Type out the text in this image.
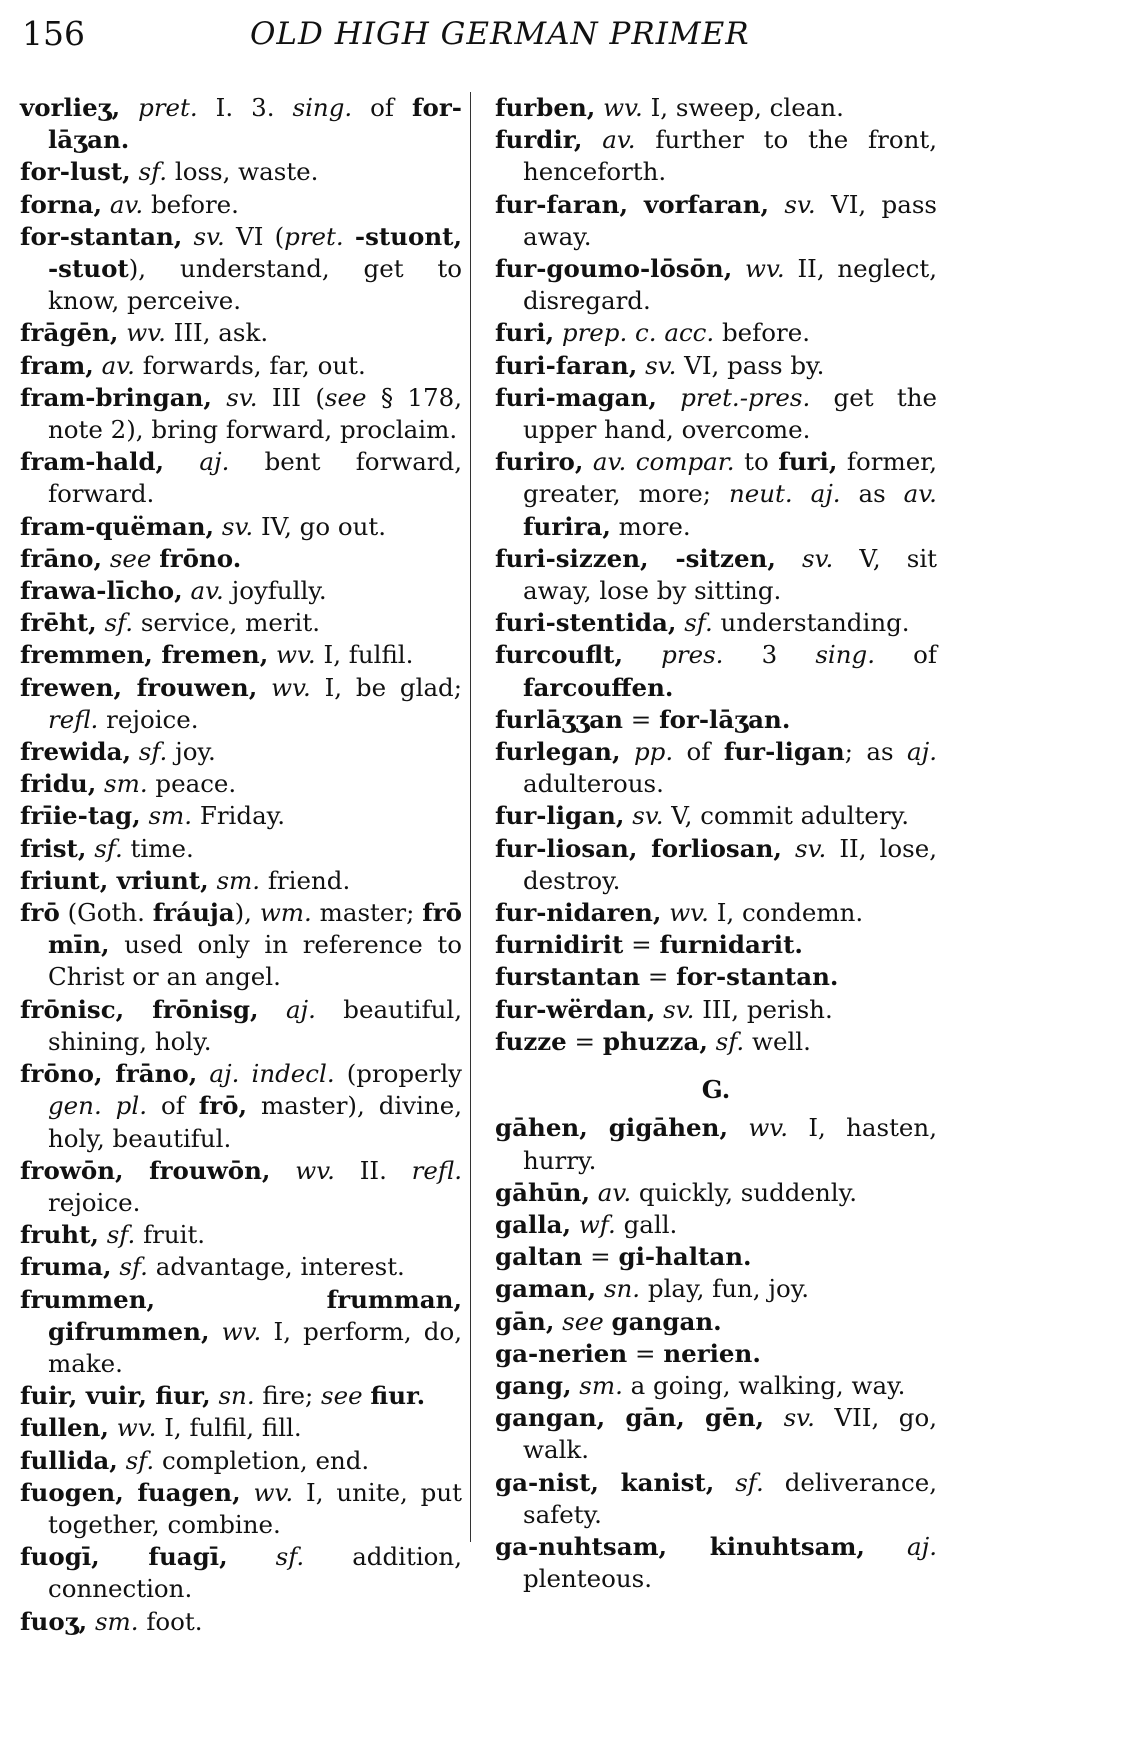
156	OLD HIGH GERMAN PRIMER
vorlieʒ, pret. I. 3. sing. of for-lāʒan.
for-lust, sf. loss, waste.
forna, av. before.
for-stantan, sv. VI (pret. -stuont, -stuot), understand, get to know, perceive.
frāgēn, wv. III, ask.
fram, av. forwards, far, out.
fram-bringan, sv. III (see § 178, note 2), bring forward, proclaim.
fram-hald, aj. bent forward, forward.
fram-quëman, sv. IV, go out.
frāno, see frōno.
frawa-līcho, av. joyfully.
frēht, sf. service, merit.
fremmen, fremen, wv. I, fulfil.
frewen, frouwen, wv. I, be glad; refl. rejoice.
frewida, sf. joy.
fridu, sm. peace.
frīie-tag, sm. Friday.
frist, sf. time.
friunt, vriunt, sm. friend.
frō (Goth. fráuja), wm. master; frō mīn, used only in reference to Christ or an angel.
frōnisc, frōnisg, aj. beautiful, shining, holy.
frōno, frāno, aj. indecl. (properly gen. pl. of frō, master), divine, holy, beautiful.
frowōn, frouwōn, wv. II. refl. rejoice.
fruht, sf. fruit.
fruma, sf. advantage, interest.
frummen, frumman, gifrummen, wv. I, perform, do, make.
fuir, vuir, fiur, sn. fire; see fiur.
fullen, wv. I, fulfil, fill.
fullida, sf. completion, end.
fuogen, fuagen, wv. I, unite, put together, combine.
fuogī, fuagī, sf. addition, connection.
fuoʒ, sm. foot.
furben, wv. I, sweep, clean.
furdir, av. further to the front, henceforth.
fur-faran, vorfaran, sv. VI, pass away.
fur-goumo-lōsōn, wv. II, neglect, disregard.
furi, prep. c. acc. before.
furi-faran, sv. VI, pass by.
furi-magan, pret.-pres. get the upper hand, overcome.
furiro, av. compar. to furi, former, greater, more; neut. aj. as av. furira, more.
furi-sizzen, -sitzen, sv. V, sit away, lose by sitting.
furi-stentida, sf. understanding.
furcouflt, pres. 3 sing. of farcouffen.
furlāʒʒan = for-lāʒan.
furlegan, pp. of fur-ligan; as aj. adulterous.
fur-ligan, sv. V, commit adultery.
fur-liosan, forliosan, sv. II, lose, destroy.
fur-nidaren, wv. I, condemn.
furnidirit = furnidarit.
furstantan = for-stantan.
fur-wërdan, sv. III, perish.
fuzze = phuzza, sf. well.
G.
gāhen, gigāhen, wv. I, hasten, hurry.
gāhūn, av. quickly, suddenly.
galla, wf. gall.
galtan = gi-haltan.
gaman, sn. play, fun, joy.
gān, see gangan.
ga-nerien = nerien.
gang, sm. a going, walking, way.
gangan, gān, gēn, sv. VII, go, walk.
ga-nist, kanist, sf. deliverance, safety.
ga-nuhtsam, kinuhtsam, aj. plenteous.
